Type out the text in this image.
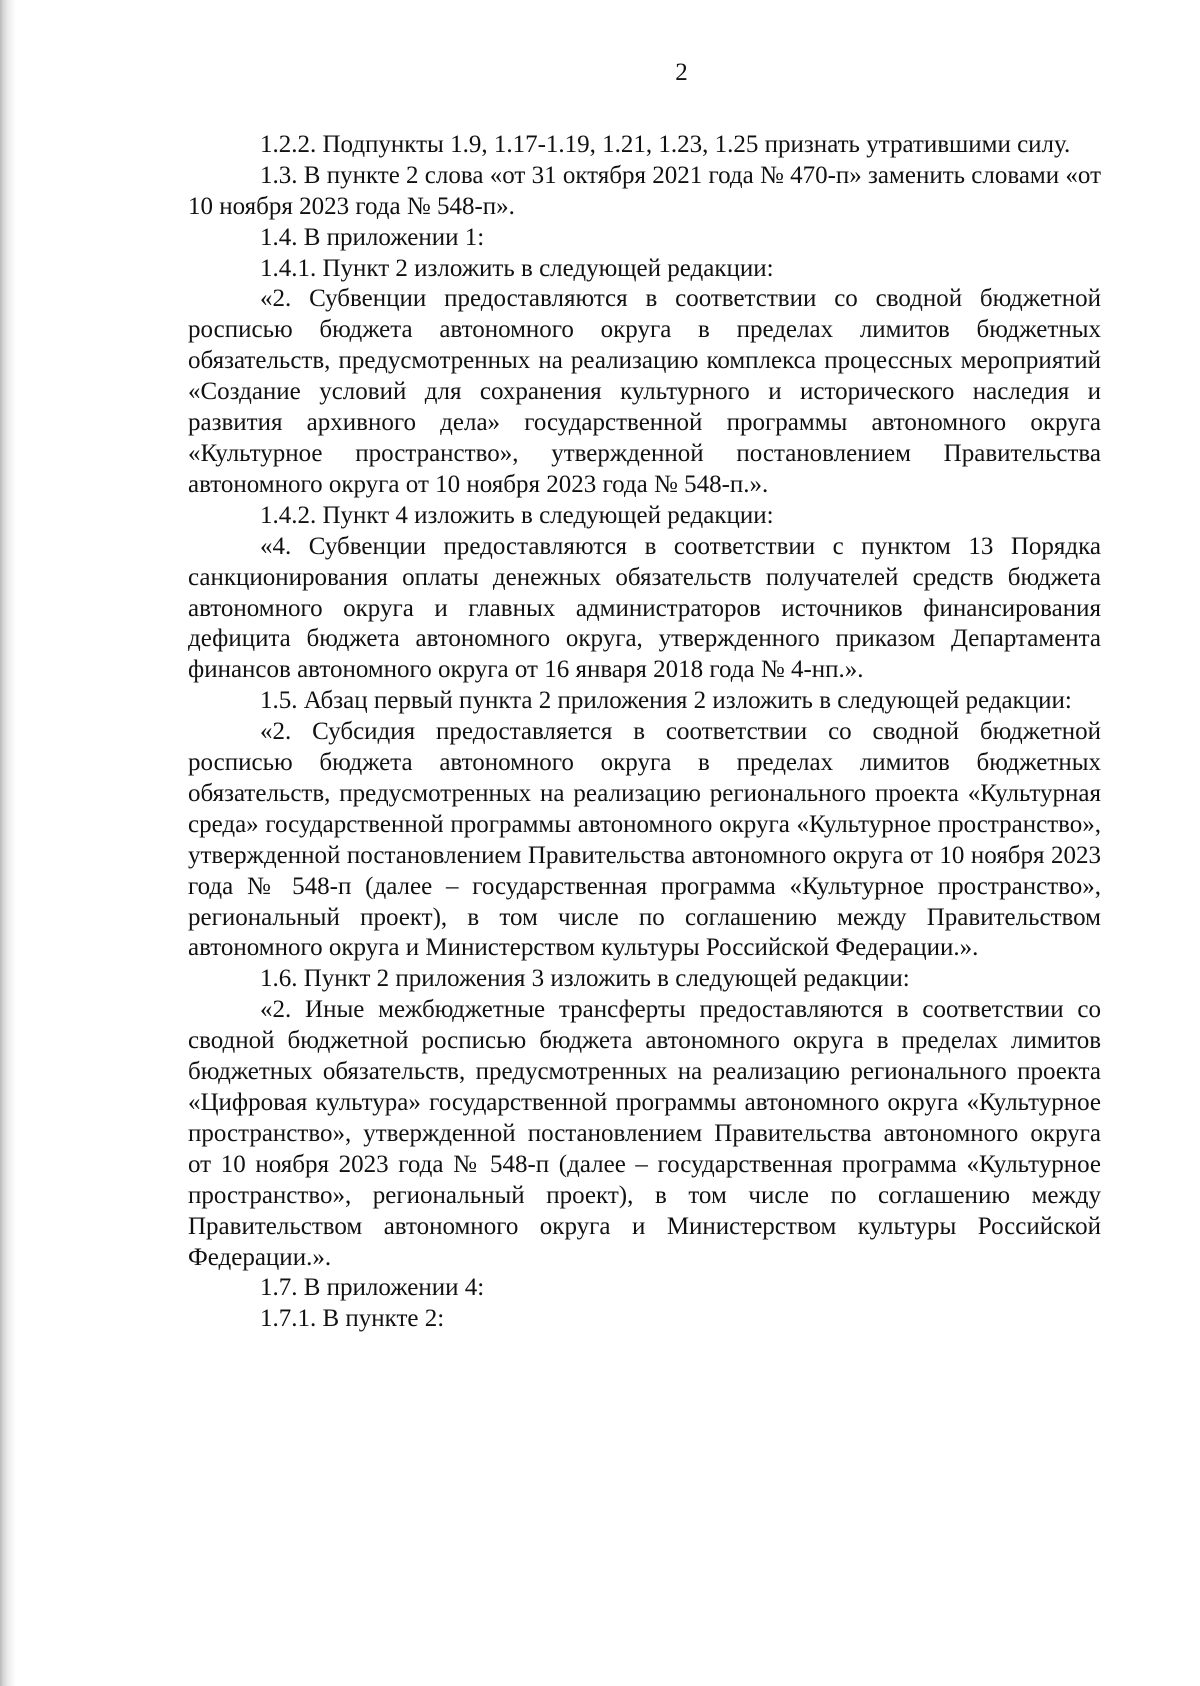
2

1.2.2. Подпункты 1.9, 1.17-1.19, 1.21, 1.23, 1.25 признать утратившими силу.

1.3. В пункте 2 слова «от 31 октября 2021 года № 470-п» заменить словами «от 10 ноября 2023 года № 548-п».

1.4. В приложении 1:

1.4.1. Пункт 2 изложить в следующей редакции:

«2. Субвенции предоставляются в соответствии со сводной бюджетной росписью бюджета автономного округа в пределах лимитов бюджетных обязательств, предусмотренных на реализацию комплекса процессных мероприятий «Создание условий для сохранения культурного и исторического наследия и развития архивного дела» государственной программы автономного округа «Культурное пространство», утвержденной постановлением Правительства автономного округа от 10 ноября 2023 года № 548-п.».

1.4.2. Пункт 4 изложить в следующей редакции:

«4. Субвенции предоставляются в соответствии с пунктом 13 Порядка санкционирования оплаты денежных обязательств получателей средств бюджета автономного округа и главных администраторов источников финансирования дефицита бюджета автономного округа, утвержденного приказом Департамента финансов автономного округа от 16 января 2018 года № 4-нп.».

1.5. Абзац первый пункта 2 приложения 2 изложить в следующей редакции:

«2. Субсидия предоставляется в соответствии со сводной бюджетной росписью бюджета автономного округа в пределах лимитов бюджетных обязательств, предусмотренных на реализацию регионального проекта «Культурная среда» государственной программы автономного округа «Культурное пространство», утвержденной постановлением Правительства автономного округа от 10 ноября 2023 года № 548-п (далее – государственная программа «Культурное пространство», региональный проект), в том числе по соглашению между Правительством автономного округа и Министерством культуры Российской Федерации.».

1.6. Пункт 2 приложения 3 изложить в следующей редакции:

«2. Иные межбюджетные трансферты предоставляются в соответствии со сводной бюджетной росписью бюджета автономного округа в пределах лимитов бюджетных обязательств, предусмотренных на реализацию регионального проекта «Цифровая культура» государственной программы автономного округа «Культурное пространство», утвержденной постановлением Правительства автономного округа от 10 ноября 2023 года № 548-п (далее – государственная программа «Культурное пространство», региональный проект), в том числе по соглашению между Правительством автономного округа и Министерством культуры Российской Федерации.».

1.7. В приложении 4:

1.7.1. В пункте 2:
